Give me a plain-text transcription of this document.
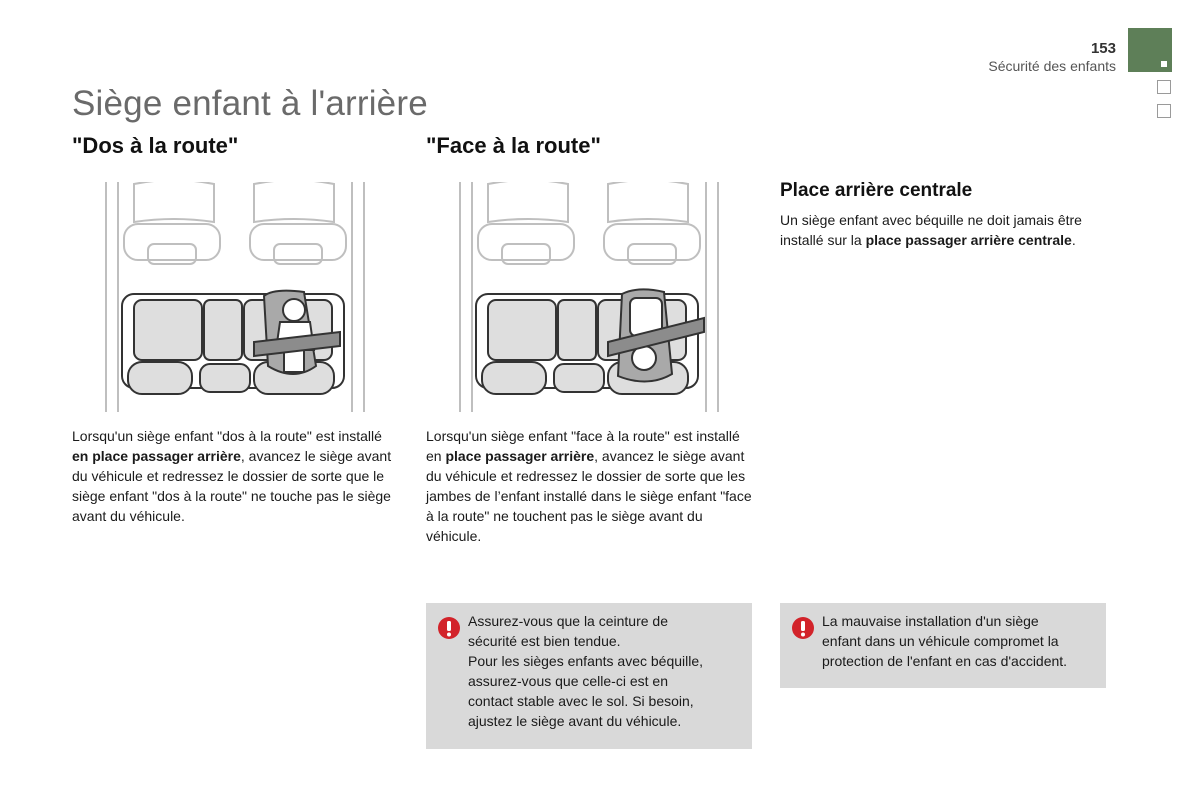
153
Sécurité des enfants
Siège enfant à l'arrière
"Dos à la route"	"Face à la route"
Lorsqu'un siège enfant "dos à la route" est installé en place passager arrière, avancez le siège avant du véhicule et redressez le dossier de sorte que le siège enfant "dos à la route" ne touche pas le siège avant du véhicule.
Lorsqu'un siège enfant "face à la route" est installé en place passager arrière, avancez le siège avant du véhicule et redressez le dossier de sorte que les jambes de l’enfant installé dans le siège enfant "face à la route" ne touchent pas le siège avant du véhicule.
Place arrière centrale
Un siège enfant avec béquille ne doit jamais être installé sur la place passager arrière centrale.
Assurez-vous que la ceinture de
sécurité est bien tendue.
Pour les sièges enfants avec béquille,
assurez-vous que celle-ci est en
contact stable avec le sol. Si besoin,
ajustez le siège avant du véhicule.
La mauvaise installation d'un siège
enfant dans un véhicule compromet la
protection de l'enfant en cas d'accident.
